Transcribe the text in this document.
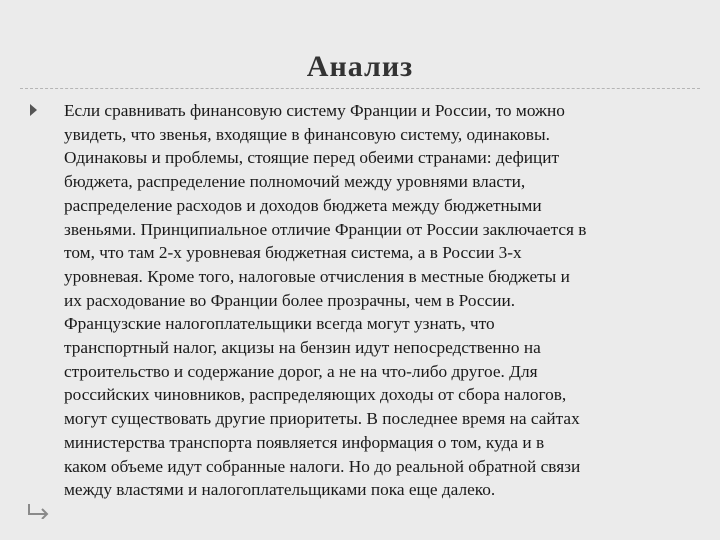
Анализ
Если сравнивать финансовую систему Франции и России, то можно
увидеть, что звенья, входящие в финансовую систему, одинаковы.
Одинаковы и проблемы, стоящие перед обеими странами: дефицит
бюджета, распределение полномочий между уровнями власти,
распределение расходов и доходов бюджета между бюджетными
звеньями. Принципиальное отличие Франции от России заключается в
том, что там 2-х уровневая бюджетная система, а в России 3-х
уровневая. Кроме того, налоговые отчисления в местные бюджеты и
их расходование во Франции более прозрачны, чем в России.
Французские налогоплательщики всегда могут узнать, что
транспортный налог, акцизы на бензин идут непосредственно на
строительство и содержание дорог, а не на что-либо другое. Для
российских чиновников, распределяющих доходы от сбора налогов,
могут существовать другие приоритеты. В последнее время на сайтах
министерства транспорта появляется информация о том, куда и в
каком объеме идут собранные налоги. Но до реальной обратной связи
между властями и налогоплательщиками пока еще далеко.
